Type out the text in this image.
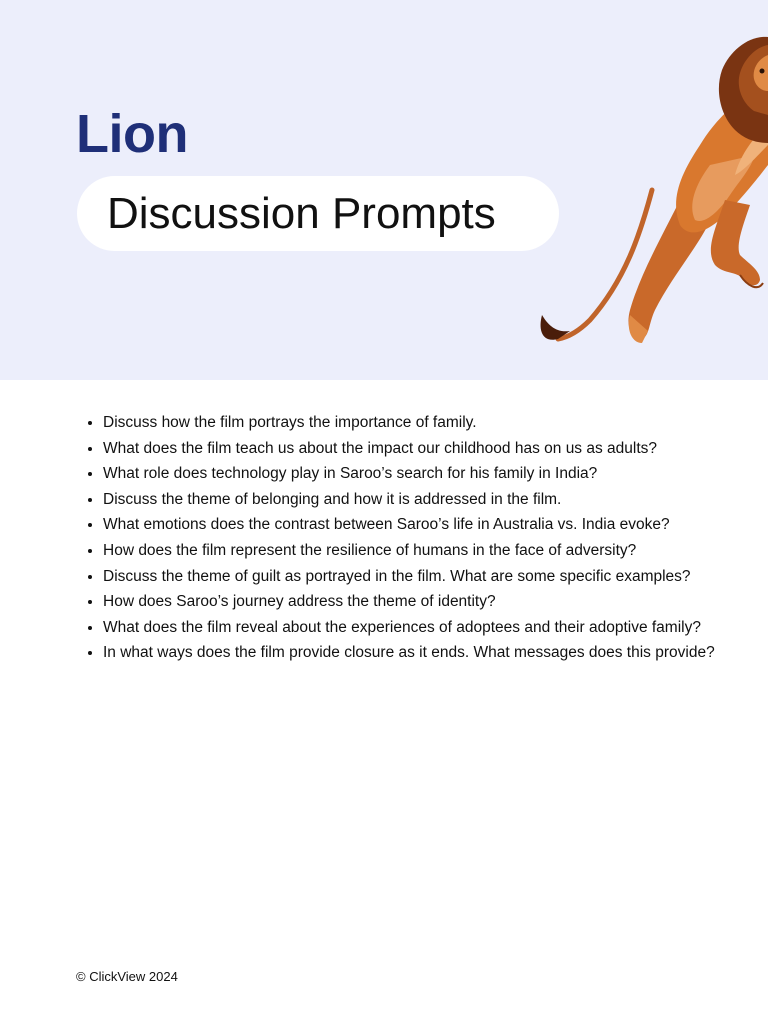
Lion
Discussion Prompts
• Discuss how the film portrays the importance of family.
• What does the film teach us about the impact our childhood has on us as adults?
• What role does technology play in Saroo’s search for his family in India?
• Discuss the theme of belonging and how it is addressed in the film.
• What emotions does the contrast between Saroo’s life in Australia vs. India evoke?
• How does the film represent the resilience of humans in the face of adversity?
• Discuss the theme of guilt as portrayed in the film. What are some specific examples?
• How does Saroo’s journey address the theme of identity?
• What does the film reveal about the experiences of adoptees and their adoptive family?
• In what ways does the film provide closure as it ends. What messages does this provide?
© ClickView 2024
